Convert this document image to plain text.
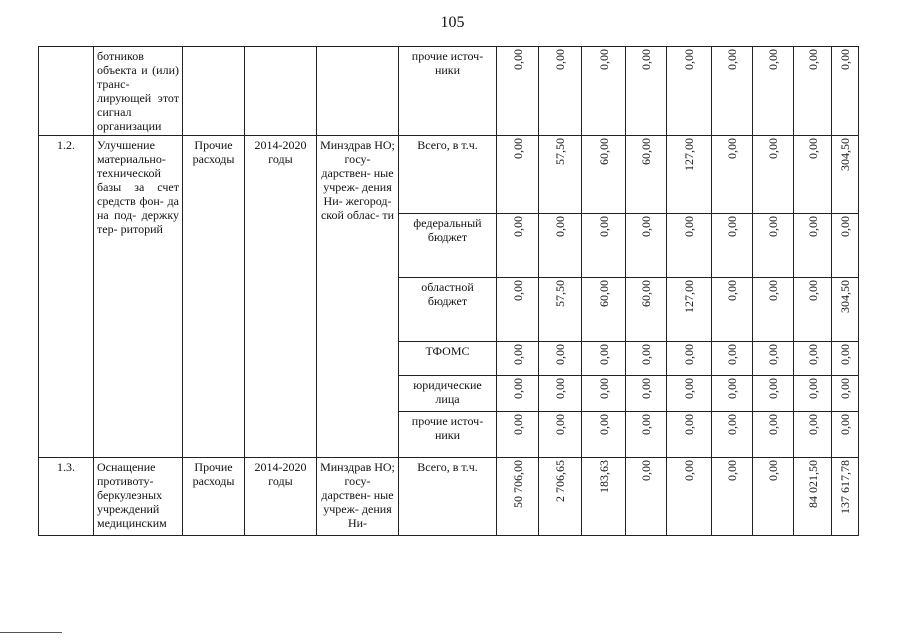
105
	ботников объекта и (или) транс- лирующей этот сигнал организации				прочие источ- ники	0,00	0,00	0,00	0,00	0,00	0,00	0,00	0,00	0,00

1.2.	Улучшение материально- технической базы за счет средств фон- да на под- держку тер- риторий	Прочие расходы	2014-2020 годы	Минздрав НО; госу- дарствен- ные учреж- дения Ни- жегород- ской облас- ти	Всего, в т.ч.	0,00	57,50	60,00	60,00	127,00	0,00	0,00	0,00	304,50

					федеральный бюджет	0,00	0,00	0,00	0,00	0,00	0,00	0,00	0,00	0,00

					областной бюджет	0,00	57,50	60,00	60,00	127,00	0,00	0,00	0,00	304,50

					ТФОМС	0,00	0,00	0,00	0,00	0,00	0,00	0,00	0,00	0,00

					юридические лица	0,00	0,00	0,00	0,00	0,00	0,00	0,00	0,00	0,00

					прочие источ- ники	0,00	0,00	0,00	0,00	0,00	0,00	0,00	0,00	0,00

1.3.	Оснащение противоту- беркулезных учреждений медицинским	Прочие расходы	2014-2020 годы	Минздрав НО; госу- дарствен- ные учреж- дения Ни-	Всего, в т.ч.	50 706,00	2 706,65	183,63	0,00	0,00	0,00	0,00	84 021,50	137 617,78
